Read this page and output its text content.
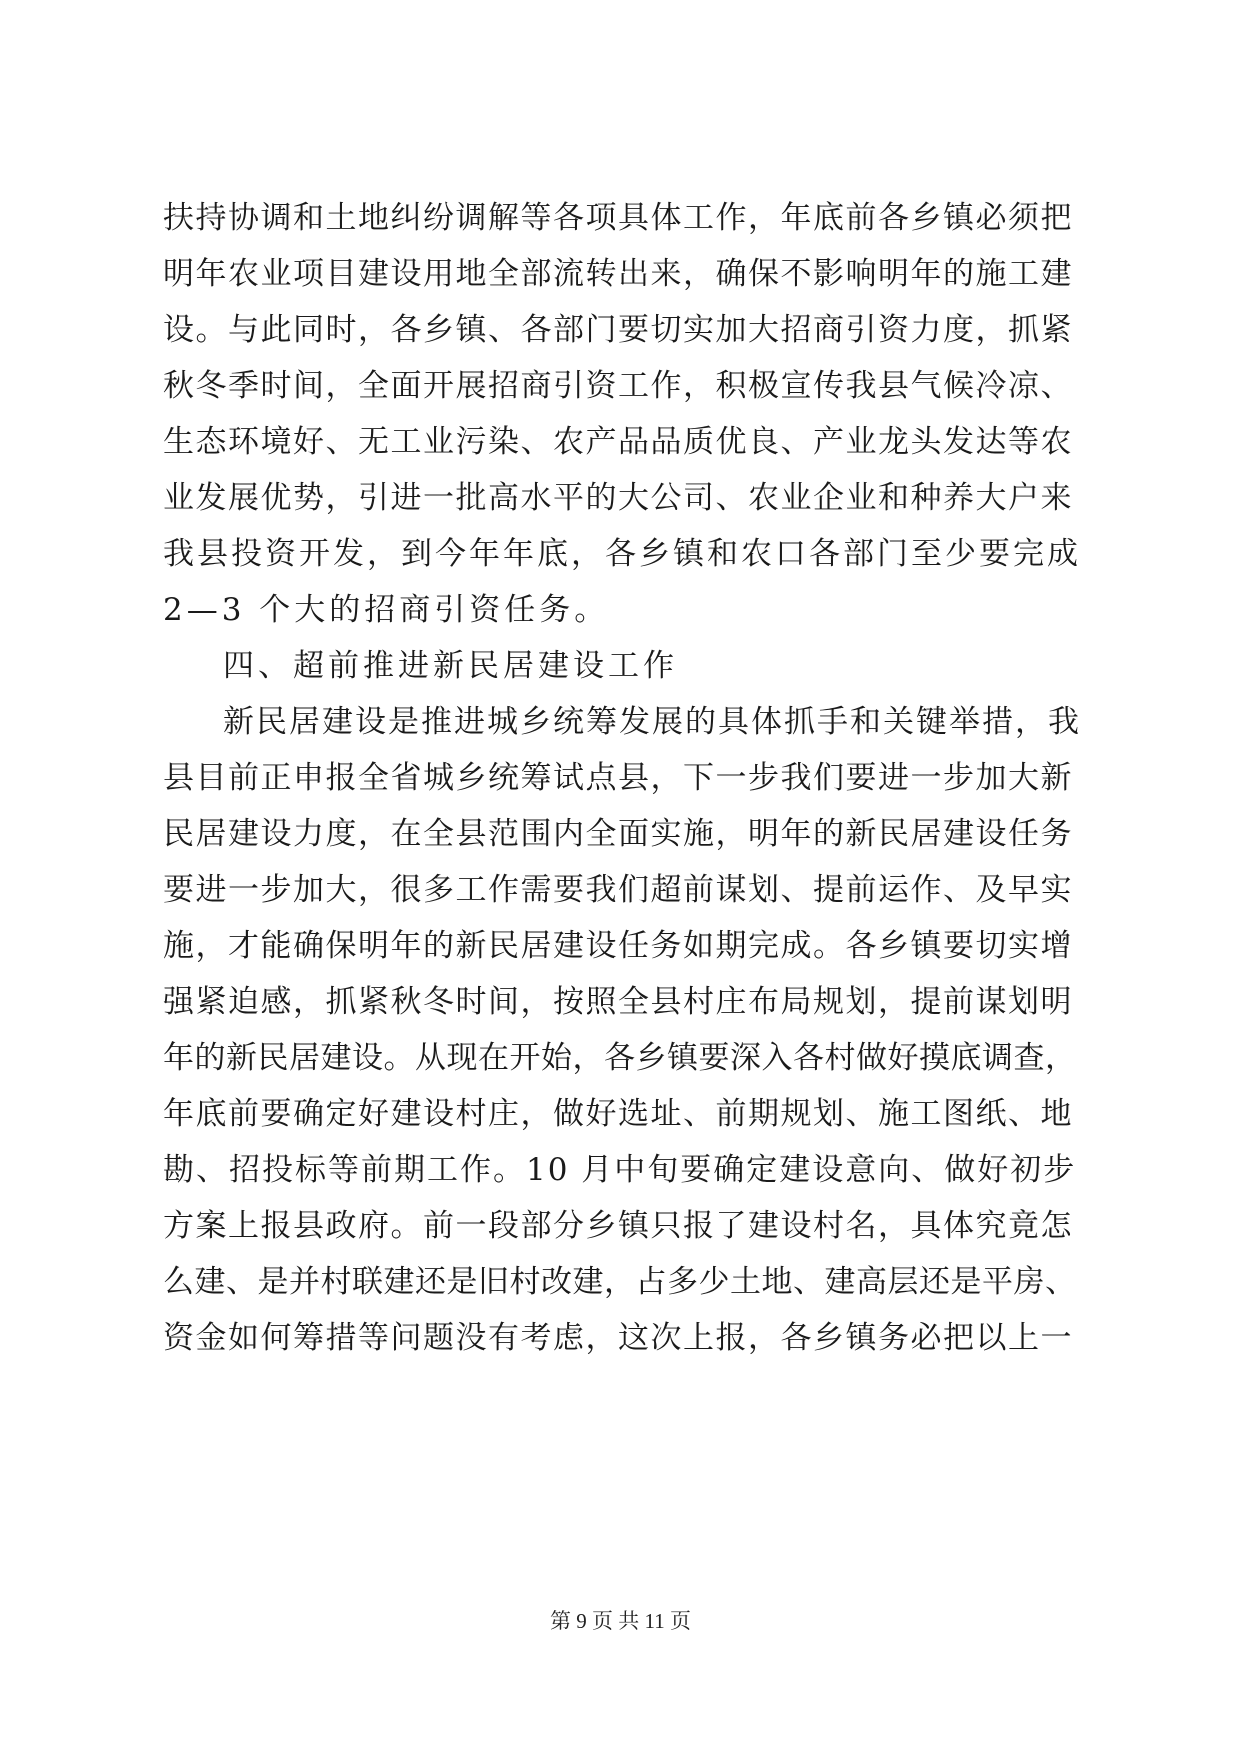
扶持协调和土地纠纷调解等各项具体工作，年底前各乡镇必须把
明年农业项目建设用地全部流转出来，确保不影响明年的施工建
设。与此同时，各乡镇、各部门要切实加大招商引资力度，抓紧
秋冬季时间，全面开展招商引资工作，积极宣传我县气候冷凉、
生态环境好、无工业污染、农产品品质优良、产业龙头发达等农
业发展优势，引进一批高水平的大公司、农业企业和种养大户来
我县投资开发，到今年年底，各乡镇和农口各部门至少要完成
2—3 个大的招商引资任务。
四、超前推进新民居建设工作
新民居建设是推进城乡统筹发展的具体抓手和关键举措，我
县目前正申报全省城乡统筹试点县，下一步我们要进一步加大新
民居建设力度，在全县范围内全面实施，明年的新民居建设任务
要进一步加大，很多工作需要我们超前谋划、提前运作、及早实
施，才能确保明年的新民居建设任务如期完成。各乡镇要切实增
强紧迫感，抓紧秋冬时间，按照全县村庄布局规划，提前谋划明
年的新民居建设。从现在开始，各乡镇要深入各村做好摸底调查，
年底前要确定好建设村庄，做好选址、前期规划、施工图纸、地
勘、招投标等前期工作。10 月中旬要确定建设意向、做好初步
方案上报县政府。前一段部分乡镇只报了建设村名，具体究竟怎
么建、是并村联建还是旧村改建，占多少土地、建高层还是平房、
资金如何筹措等问题没有考虑，这次上报，各乡镇务必把以上一
第 9 页 共 11 页
